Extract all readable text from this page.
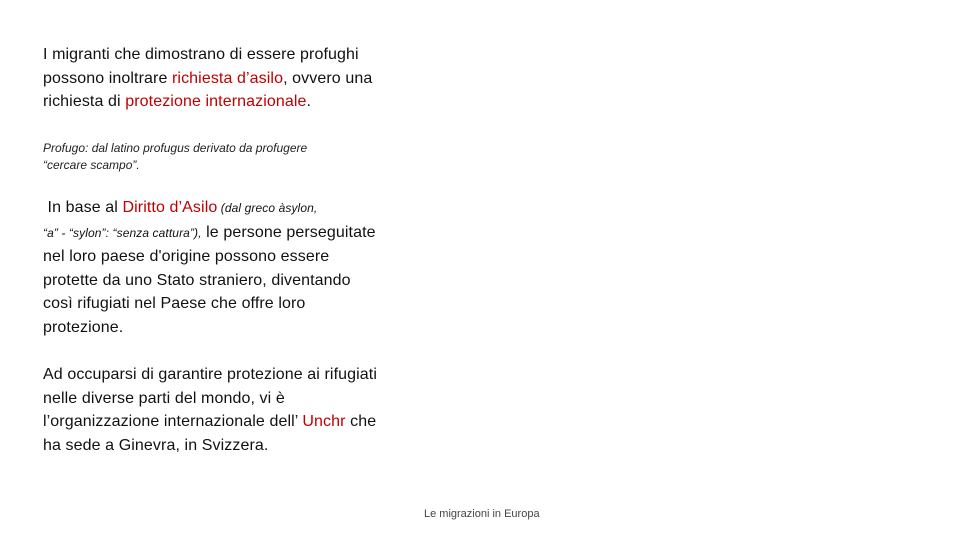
I migranti che dimostrano di essere profughi possono inoltrare richiesta d’asilo, ovvero una richiesta di protezione internazionale.
Profugo: dal latino profugus derivato da profugere
“cercare scampo”.
In base al Diritto d’Asilo (dal greco àsylon,
“a” - “sylon”: “senza cattura”), le persone perseguitate nel loro paese d'origine possono essere protette da uno Stato straniero, diventando così rifugiati nel Paese che offre loro protezione.
Ad occuparsi di garantire protezione ai rifugiati nelle diverse parti del mondo, vi è l’organizzazione internazionale dell’ Unchr che ha sede a Ginevra, in Svizzera.
Le migrazioni in Europa
